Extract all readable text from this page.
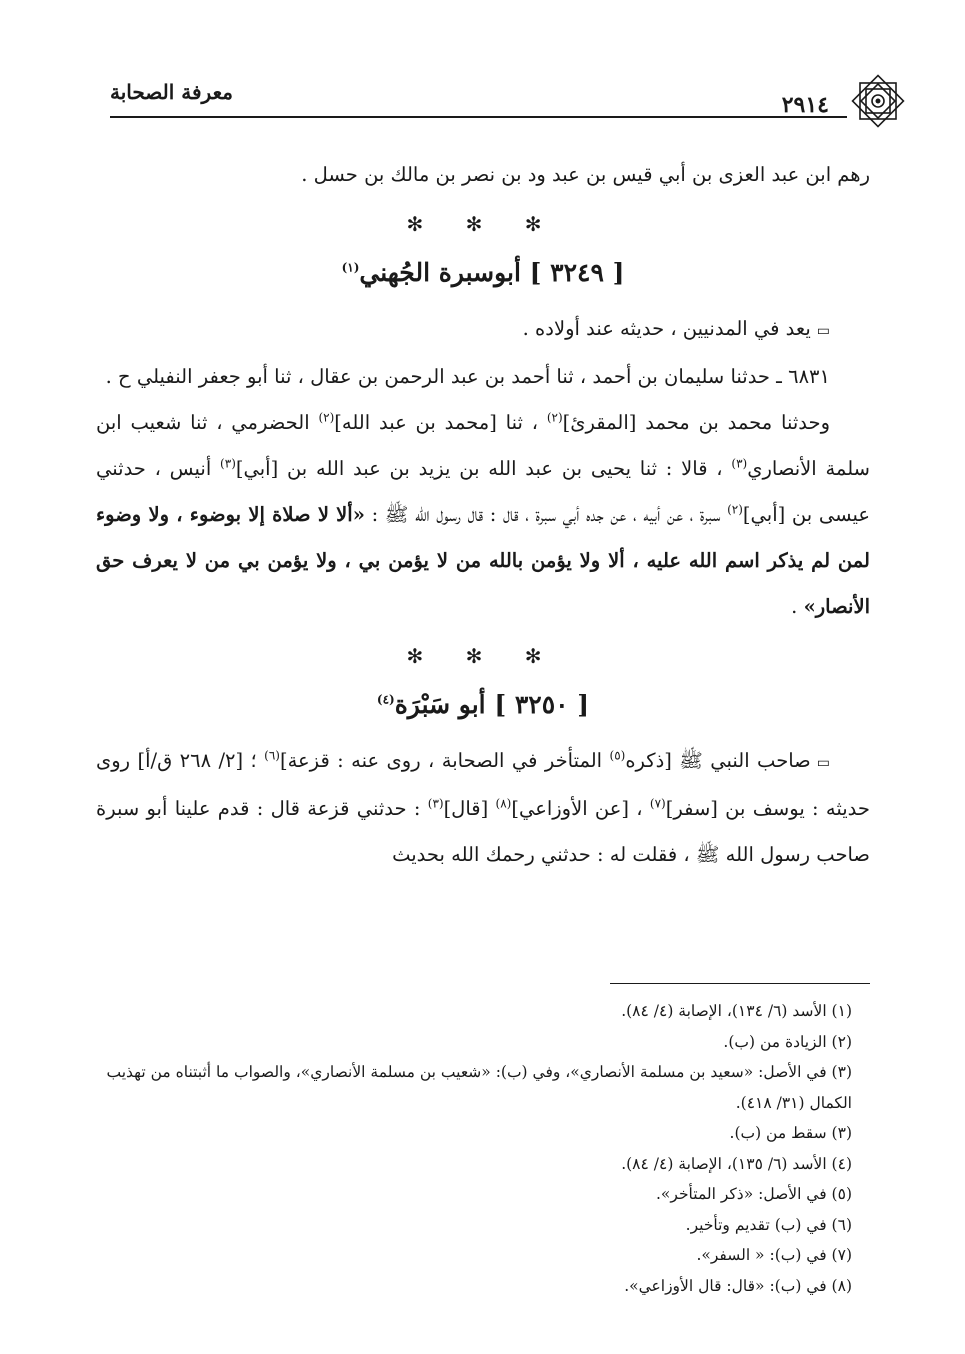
معرفة الصحابة	٢٩١٤

رهم ابن عبد العزى بن أبي قيس بن عبد ود بن نصر بن مالك بن حسل .

✻ ✻ ✻
[ ٣٢٤٩ ] أبوسبرة الجُهني$^{(١)}$

▭يعد في المدنيين ، حديثه عند أولاده .

٦٨٣١ ـ حدثنا سليمان بن أحمد ، ثنا أحمد بن عبد الرحمن بن عقال ، ثنا أبو جعفر النفيلي ح .

وحدثنا محمد بن محمد [المقرئ]$^{(٢)}$ ، ثنا [محمد بن عبد الله]$^{(٢)}$ الحضرمي ، ثنا شعيب ابن سلمة الأنصاري$^{(٣)}$ ، قالا : ثنا يحيى بن عبد الله بن يزيد بن عبد الله بن [أبي]$^{(٣)}$ أنيس ، حدثني عيسى بن [أبي]$^{(٢)}$ سبرة ، عن أبيه ، عن جده أبي سبرة ، قال : قال رسول الله ﷺ : «ألا لا صلاة إلا بوضوء ، ولا وضوء لمن لم يذكر اسم الله عليه ، ألا ولا يؤمن بالله من لا يؤمن بي ، ولا يؤمن بي من لا يعرف حق الأنصار» .

✻ ✻ ✻
[ ٣٢٥٠ ] أبو سَبْرَة$^{(٤)}$

▭صاحب النبي ﷺ [ذكره$^{(٥)}$ المتأخر في الصحابة ، روى عنه : قزعة]$^{(٦)}$ ؛ [٢/ ٢٦٨ ق/أ] روى حديثه : يوسف بن [سفر]$^{(٧)}$ ، [عن الأوزاعي]$^{(٨)}$ [قال]$^{(٣)}$ : حدثني قزعة قال : قدم علينا أبو سبرة صاحب رسول الله ﷺ ، فقلت له : حدثني رحمك الله بحديث

(١) الأسد (٦/ ١٣٤)، الإصابة (٤/ ٨٤).

(٢) الزيادة من (ب).

(٣) في الأصل: «سعيد بن مسلمة الأنصاري»، وفي (ب): «شعيب بن مسلمة الأنصاري»، والصواب ما أثبتناه من تهذيب الكمال (٣١/ ٤١٨).

(٣) سقط من (ب).

(٤) الأسد (٦/ ١٣٥)، الإصابة (٤/ ٨٤).

(٥) في الأصل: «ذكر المتأخر».

(٦) في (ب) تقديم وتأخير.

(٧) في (ب): « السفر».

(٨) في (ب): «قال: قال الأوزاعي».
